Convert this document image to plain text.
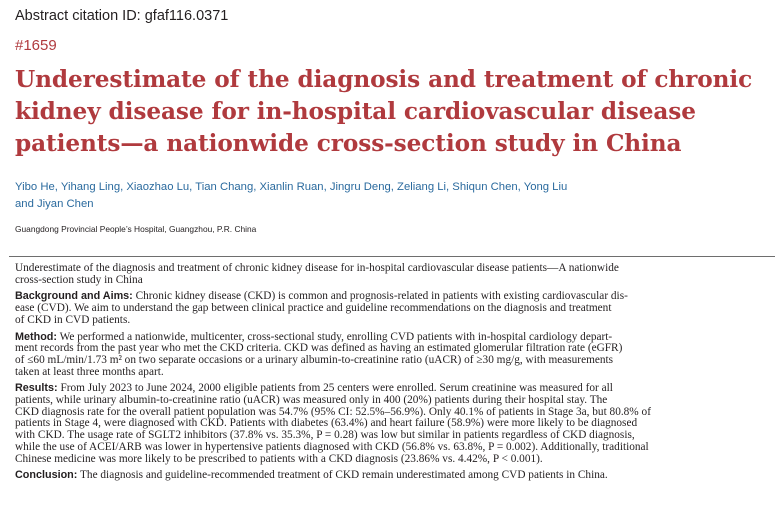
Abstract citation ID: gfaf116.0371
#1659
Underestimate of the diagnosis and treatment of chronic
kidney disease for in-hospital cardiovascular disease
patients—a nationwide cross-section study in China
Yibo He, Yihang Ling, Xiaozhao Lu, Tian Chang, Xianlin Ruan, Jingru Deng, Zeliang Li, Shiqun Chen, Yong Liu
and Jiyan Chen
Guangdong Provincial People’s Hospital, Guangzhou, P.R. China
Underestimate of the diagnosis and treatment of chronic kidney disease for in-hospital cardiovascular disease patients—A nationwide
cross-section study in China
Background and Aims: Chronic kidney disease (CKD) is common and prognosis-related in patients with existing cardiovascular dis-
ease (CVD). We aim to understand the gap between clinical practice and guideline recommendations on the diagnosis and treatment
of CKD in CVD patients.
Method: We performed a nationwide, multicenter, cross-sectional study, enrolling CVD patients with in-hospital cardiology depart-
ment records from the past year who met the CKD criteria. CKD was defined as having an estimated glomerular filtration rate (eGFR)
of ≤60 mL/min/1.73 m² on two separate occasions or a urinary albumin-to-creatinine ratio (uACR) of ≥30 mg/g, with measurements
taken at least three months apart.
Results: From July 2023 to June 2024, 2000 eligible patients from 25 centers were enrolled. Serum creatinine was measured for all
patients, while urinary albumin-to-creatinine ratio (uACR) was measured only in 400 (20%) patients during their hospital stay. The
CKD diagnosis rate for the overall patient population was 54.7% (95% CI: 52.5%–56.9%). Only 40.1% of patients in Stage 3a, but 80.8% of
patients in Stage 4, were diagnosed with CKD. Patients with diabetes (63.4%) and heart failure (58.9%) were more likely to be diagnosed
with CKD. The usage rate of SGLT2 inhibitors (37.8% vs. 35.3%, P = 0.28) was low but similar in patients regardless of CKD diagnosis,
while the use of ACEI/ARB was lower in hypertensive patients diagnosed with CKD (56.8% vs. 63.8%, P = 0.002). Additionally, traditional
Chinese medicine was more likely to be prescribed to patients with a CKD diagnosis (23.86% vs. 4.42%, P < 0.001).
Conclusion: The diagnosis and guideline-recommended treatment of CKD remain underestimated among CVD patients in China.
